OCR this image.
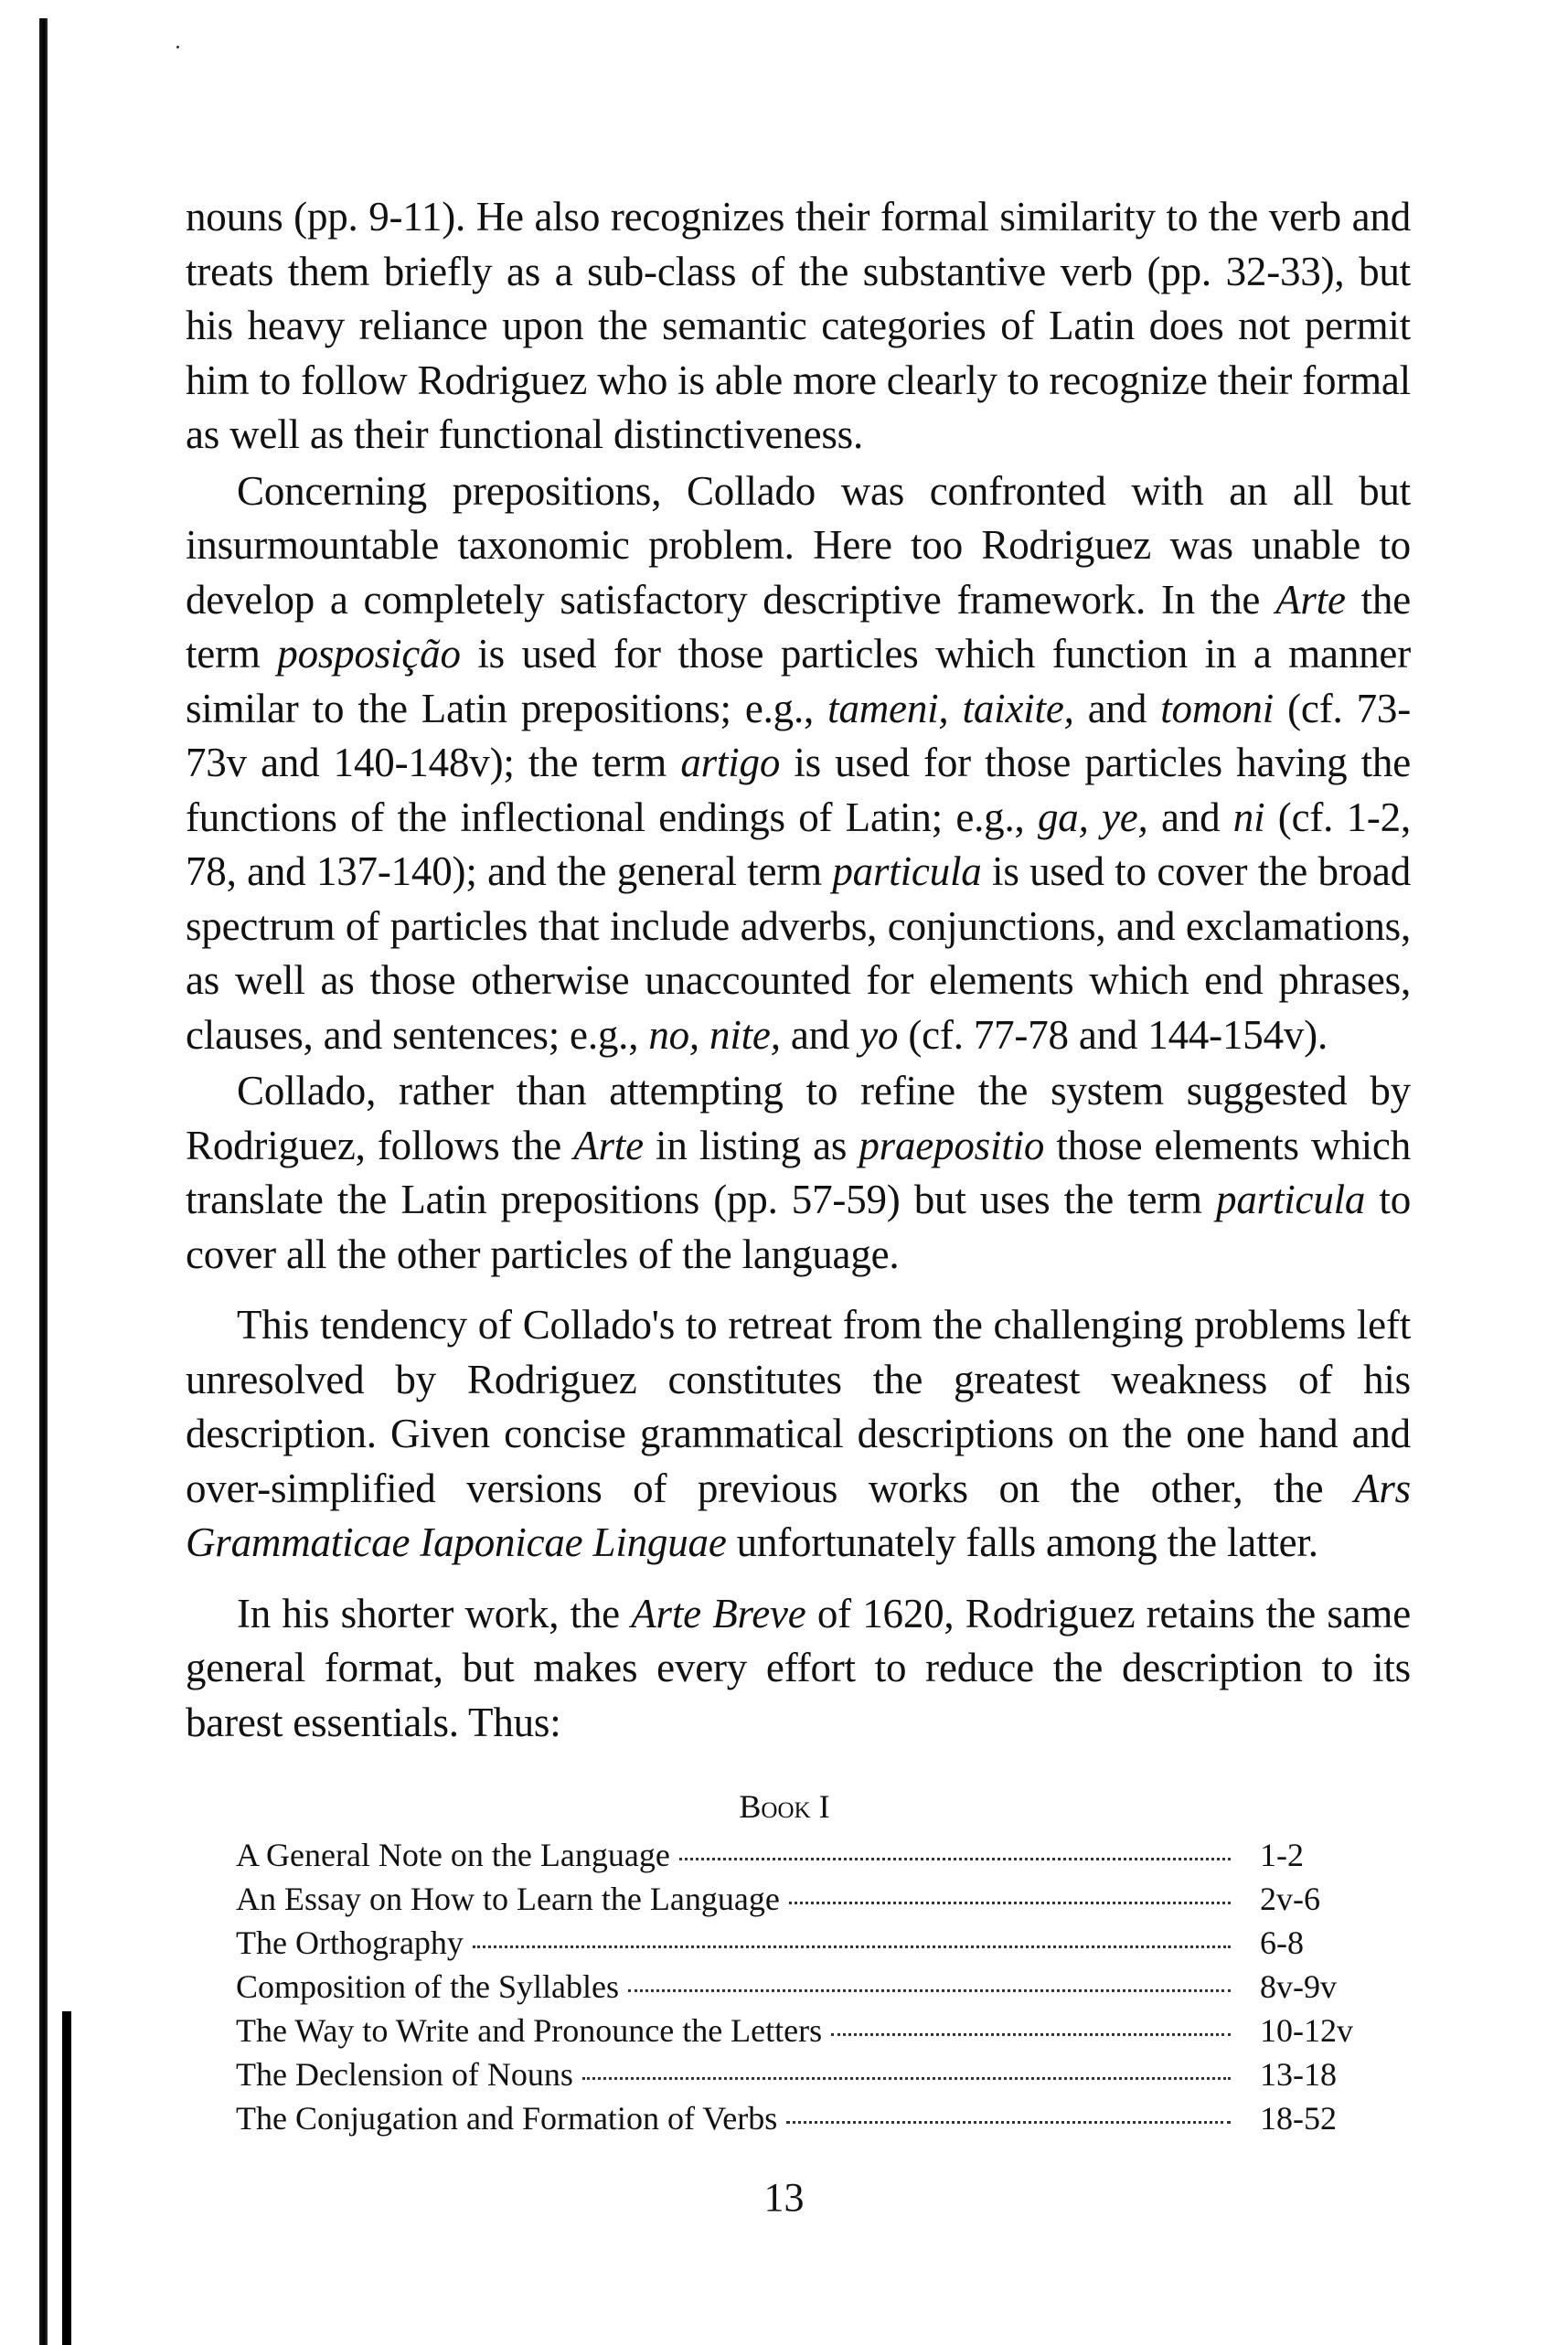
nouns (pp. 9-11). He also recognizes their formal similarity to the verb and treats them briefly as a sub-class of the substantive verb (pp. 32-33), but his heavy reliance upon the semantic categories of Latin does not permit him to follow Rodriguez who is able more clearly to recognize their formal as well as their functional distinctiveness.

Concerning prepositions, Collado was confronted with an all but insurmountable taxonomic problem. Here too Rodriguez was unable to develop a completely satisfactory descriptive framework. In the Arte the term posposição is used for those particles which function in a manner similar to the Latin prepositions; e.g., tameni, taixite, and tomoni (cf. 73-73v and 140-148v); the term artigo is used for those particles having the functions of the inflectional endings of Latin; e.g., ga, ye, and ni (cf. 1-2, 78, and 137-140); and the general term particula is used to cover the broad spectrum of particles that include adverbs, conjunctions, and exclamations, as well as those otherwise unaccounted for elements which end phrases, clauses, and sentences; e.g., no, nite, and yo (cf. 77-78 and 144-154v).

Collado, rather than attempting to refine the system suggested by Rodriguez, follows the Arte in listing as praepositio those elements which translate the Latin prepositions (pp. 57-59) but uses the term particula to cover all the other particles of the language.

This tendency of Collado's to retreat from the challenging problems left unresolved by Rodriguez constitutes the greatest weakness of his description. Given concise grammatical descriptions on the one hand and over-simplified versions of previous works on the other, the Ars Grammaticae Iaponicae Linguae unfortunately falls among the latter.

In his shorter work, the Arte Breve of 1620, Rodriguez retains the same general format, but makes every effort to reduce the description to its barest essentials. Thus:

Book I
A General Note on the Language	1-2
An Essay on How to Learn the Language	2v-6
The Orthography	6-8
Composition of the Syllables	8v-9v
The Way to Write and Pronounce the Letters	10-12v
The Declension of Nouns	13-18
The Conjugation and Formation of Verbs	18-52
13
